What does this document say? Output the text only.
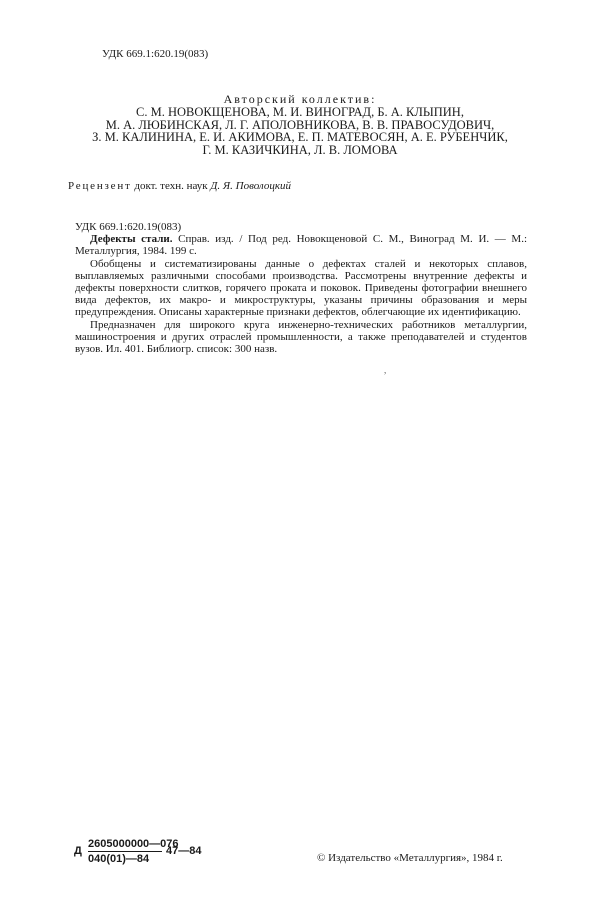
УДК 669.1:620.19(083)
Авторский коллектив:
С. М. НОВОКЩЕНОВА, М. И. ВИНОГРАД, Б. А. КЛЫПИН,
М. А. ЛЮБИНСКАЯ, Л. Г. АПОЛОВНИКОВА, В. В. ПРАВОСУДОВИЧ,
З. М. КАЛИНИНА, Е. И. АКИМОВА, Е. П. МАТЕВОСЯН, А. Е. РУБЕНЧИК,
Г. М. КАЗИЧКИНА, Л. В. ЛОМОВА
Рецензент докт. техн. наук Д. Я. Поволоцкий

УДК 669.1:620.19(083)

Дефекты стали. Справ. изд. / Под ред. Новокщеновой С. М., Виноград М. И. — М.: Металлургия, 1984. 199 с.

Обобщены и систематизированы данные о дефектах сталей и некоторых сплавов, выплавляемых различными способами производства. Рассмотрены внутренние дефекты и дефекты поверхности слитков, горячего проката и поковок. Приведены фотографии внешнего вида дефектов, их макро- и микроструктуры, указаны причины образования и меры предупреждения. Описаны характерные признаки дефектов, облегчающие их идентификацию.

Предназначен для широкого круга инженерно-технических работников металлургии, машиностроения и других отраслей промышленности, а также преподавателей и студентов вузов. Ил. 401. Библиогр. список: 300 назв.

,
Д $\frac{2605000000—076}{040(01)—84}$ 47—84
© Издательство «Металлургия», 1984 г.
